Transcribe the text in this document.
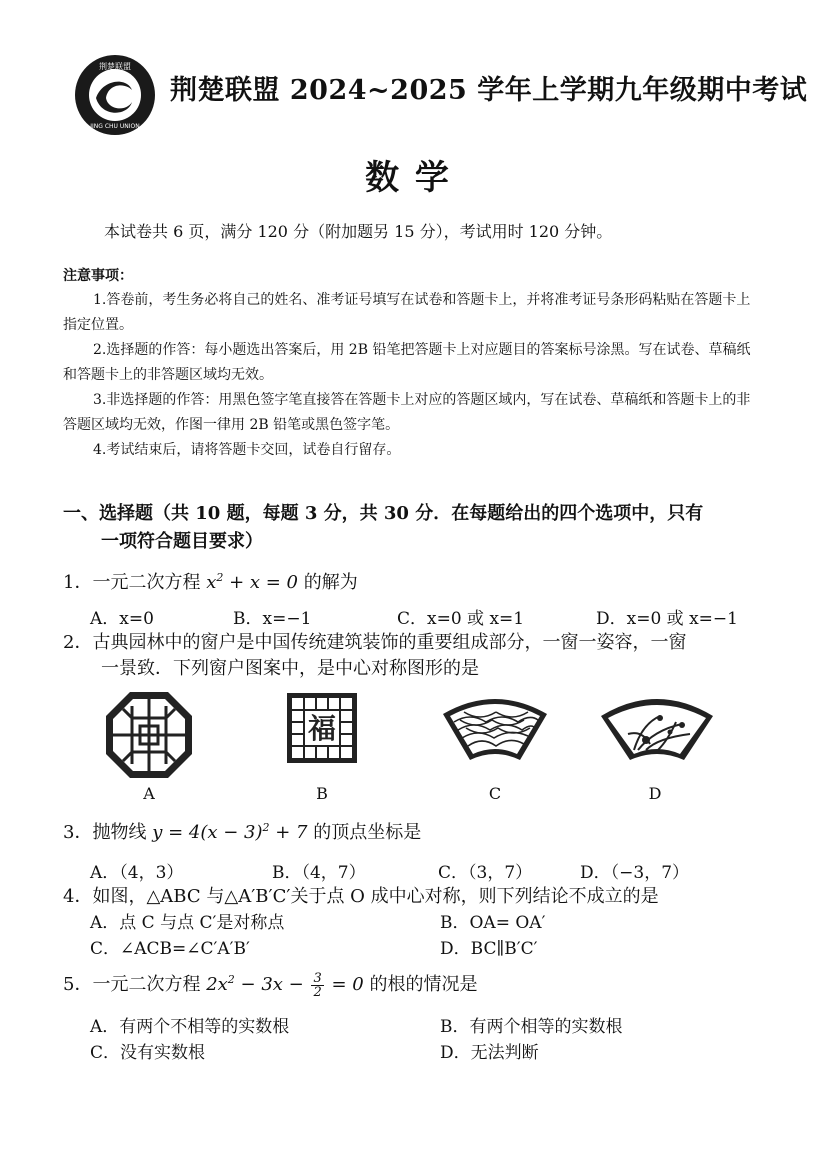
荆楚联盟
JING CHU UNION
荆楚联盟 2024~2025 学年上学期九年级期中考试
数 学
本试卷共 6 页，满分 120 分（附加题另 15 分），考试用时 120 分钟。
注意事项：
1.答卷前，考生务必将自己的姓名、准考证号填写在试卷和答题卡上，并将准考证号条形码粘贴在答题卡上指定位置。
2.选择题的作答：每小题选出答案后，用 2B 铅笔把答题卡上对应题目的答案标号涂黑。写在试卷、草稿纸和答题卡上的非答题区域均无效。
3.非选择题的作答：用黑色签字笔直接答在答题卡上对应的答题区域内，写在试卷、草稿纸和答题卡上的非答题区域均无效，作图一律用 2B 铅笔或黑色签字笔。
4.考试结束后，请将答题卡交回，试卷自行留存。
一、选择题（共 10 题，每题 3 分，共 30 分．在每题给出的四个选项中，只有
一项符合题目要求）
1．一元二次方程 $x^2 + x = 0$ 的解为
A．x=0	B．x=−1	C．x=0 或 x=1	D．x=0 或 x=−1
2．古典园林中的窗户是中国传统建筑装饰的重要组成部分，一窗一姿容，一窗
一景致．下列窗户图案中，是中心对称图形的是
福
A	B	C	D
3．抛物线 $y = 4(x - 3)^2 + 7$ 的顶点坐标是
A．（4，3）	B．（4，7）	C．（3，7）	D．（−3，7）
4．如图，△ABC 与△A′B′C′关于点 O 成中心对称，则下列结论不成立的是
A．点 C 与点 C′是对称点	B．OA= OA′
C．∠ACB=∠C′A′B′	D．BC∥B′C′
5．一元二次方程 $2x^2 - 3x - \frac{3}{2} = 0$ 的根的情况是
A．有两个不相等的实数根	B．有两个相等的实数根
C．没有实数根	D．无法判断
